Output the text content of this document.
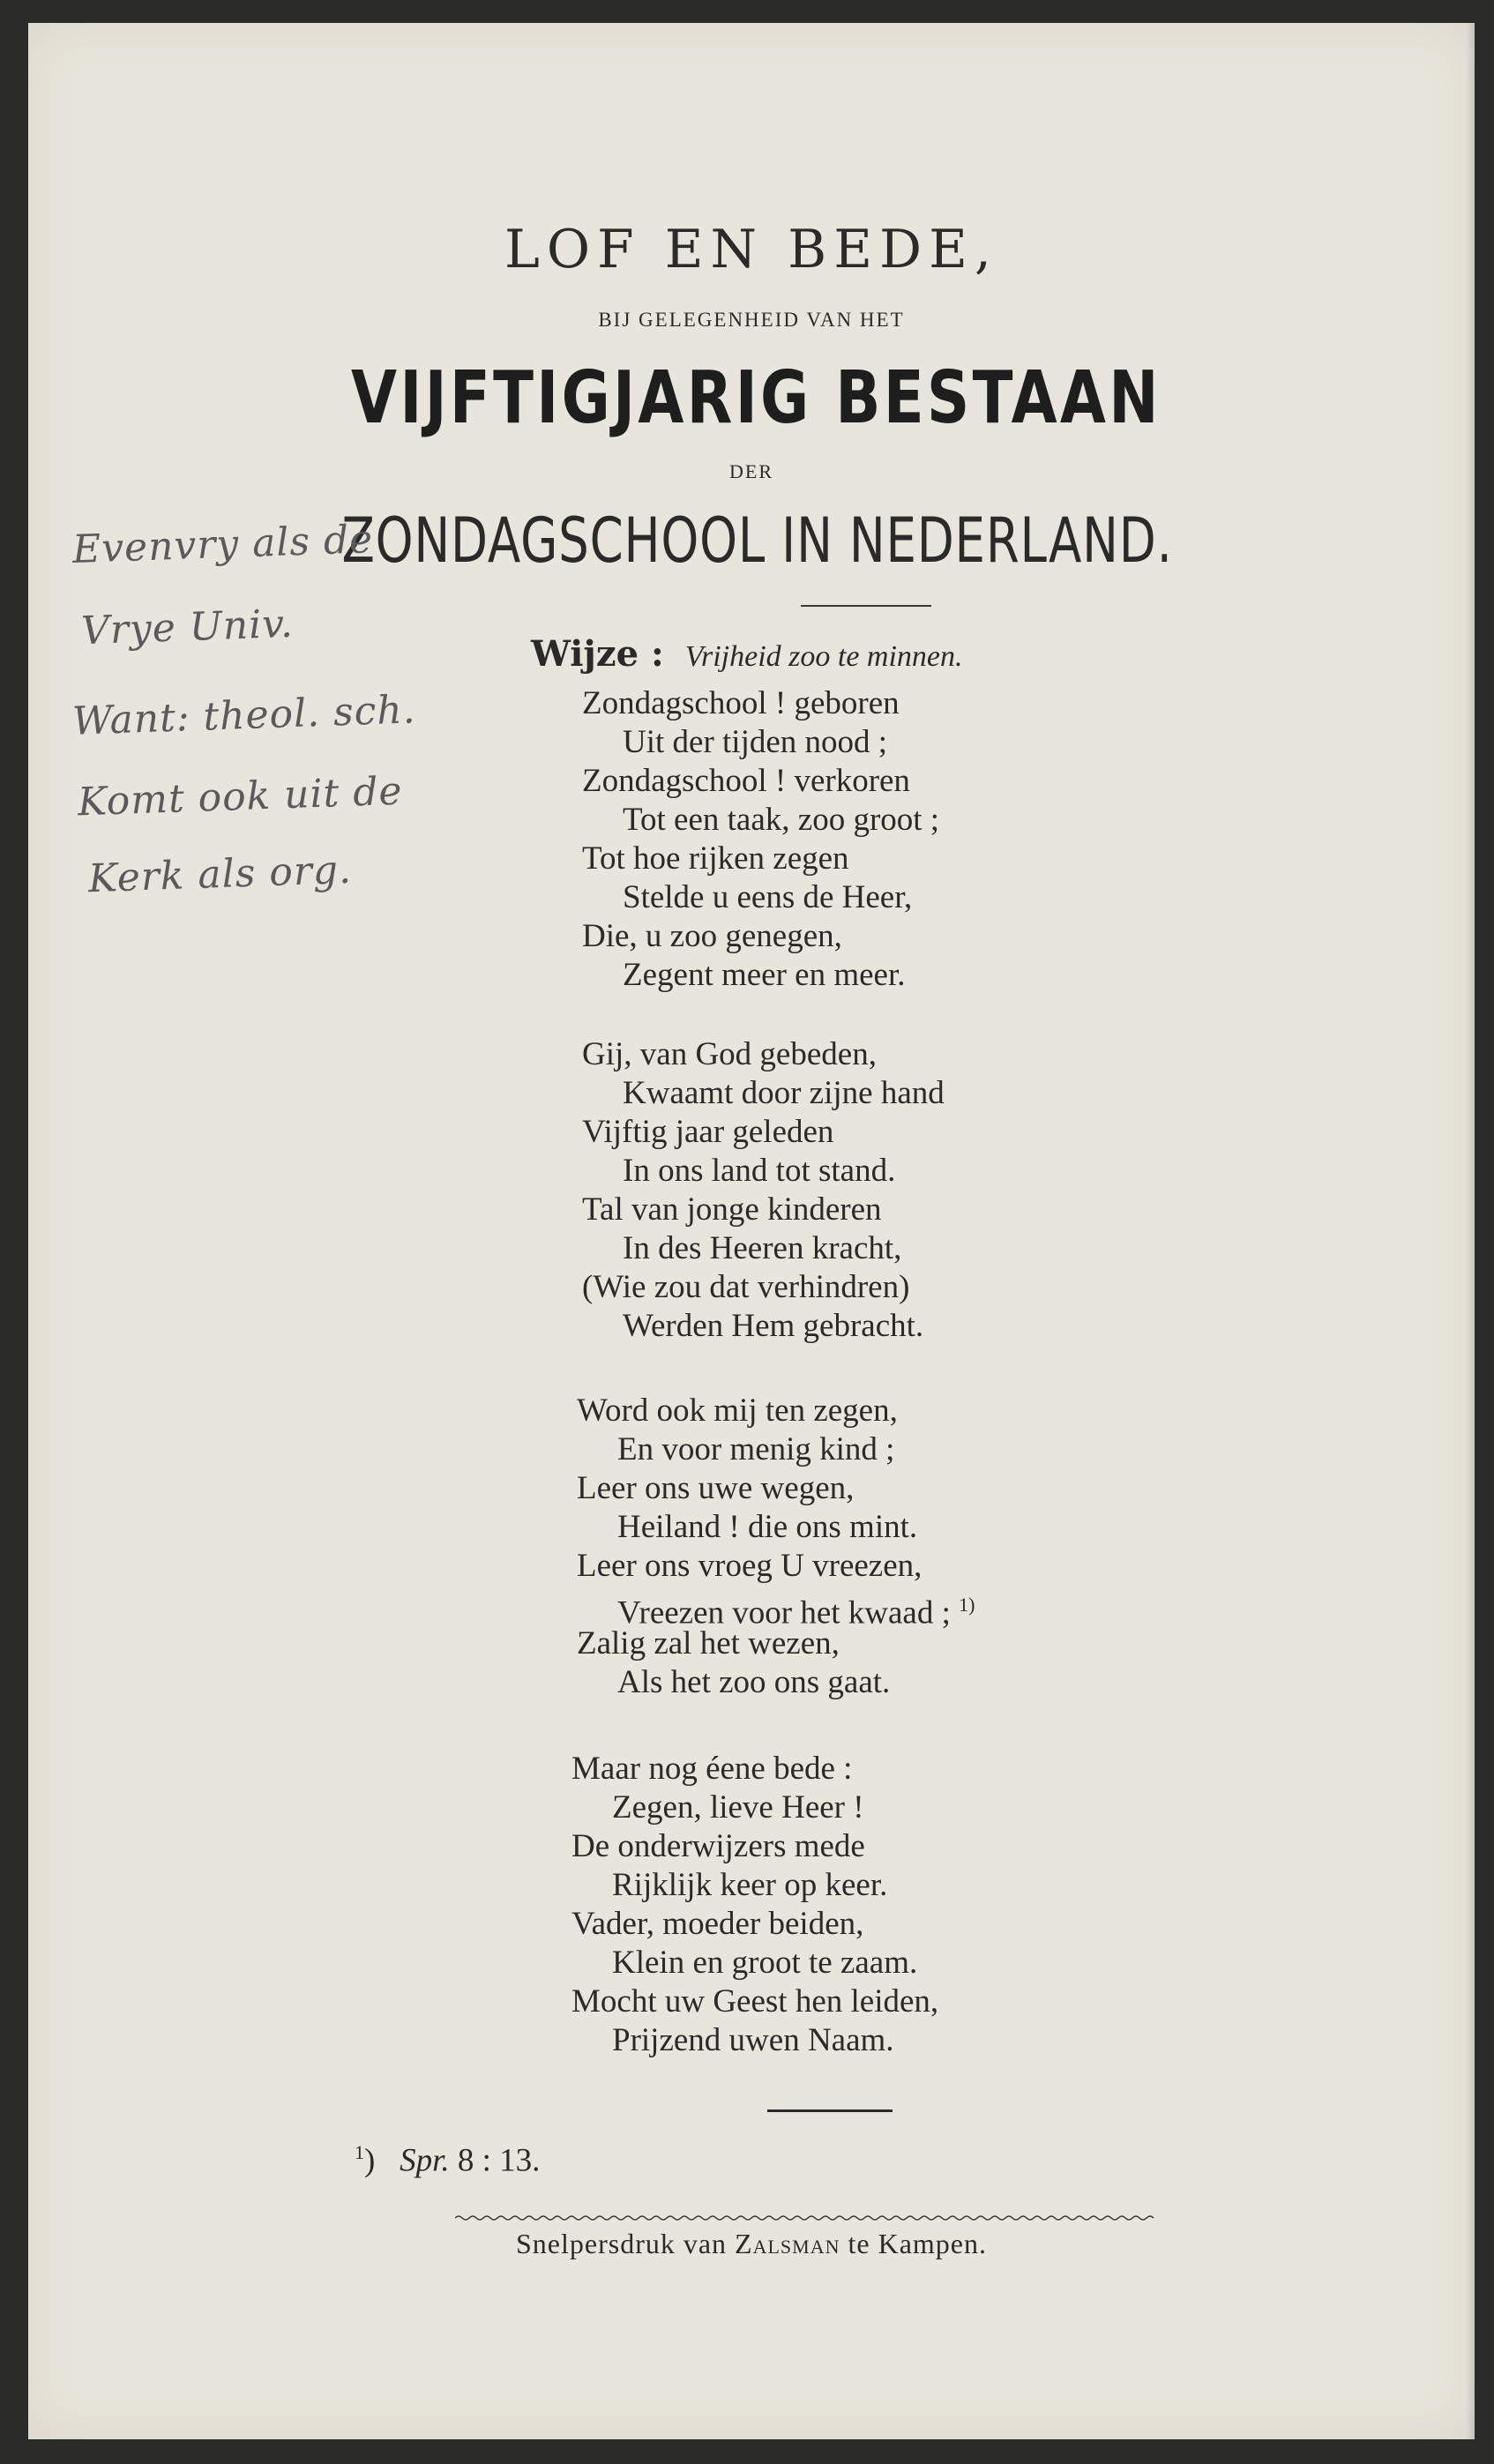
LOF EN BEDE,
BIJ GELEGENHEID VAN HET
VIJFTIGJARIG BESTAAN
DER
ZONDAGSCHOOL IN NEDERLAND.
Wijze : Vrijheid zoo te minnen.
Zondagschool ! geboren
Uit der tijden nood ;
Zondagschool ! verkoren
Tot een taak, zoo groot ;
Tot hoe rijken zegen
Stelde u eens de Heer,
Die, u zoo genegen,
Zegent meer en meer.
Gij, van God gebeden,
Kwaamt door zijne hand
Vijftig jaar geleden
In ons land tot stand.
Tal van jonge kinderen
In des Heeren kracht,
(Wie zou dat verhindren)
Werden Hem gebracht.
Word ook mij ten zegen,
En voor menig kind ;
Leer ons uwe wegen,
Heiland ! die ons mint.
Leer ons vroeg U vreezen,
Vreezen voor het kwaad ; $^{1)}$
Zalig zal het wezen,
Als het zoo ons gaat.
Maar nog éene bede :
Zegen, lieve Heer !
De onderwijzers mede
Rijklijk keer op keer.
Vader, moeder beiden,
Klein en groot te zaam.
Mocht uw Geest hen leiden,
Prijzend uwen Naam.
$^1$) Spr. 8 : 13.
Snelpersdruk van Zalsman te Kampen.
Evenvry als de
Vrye Univ.
Want: theol. sch.
Komt ook uit de
Kerk als org.
